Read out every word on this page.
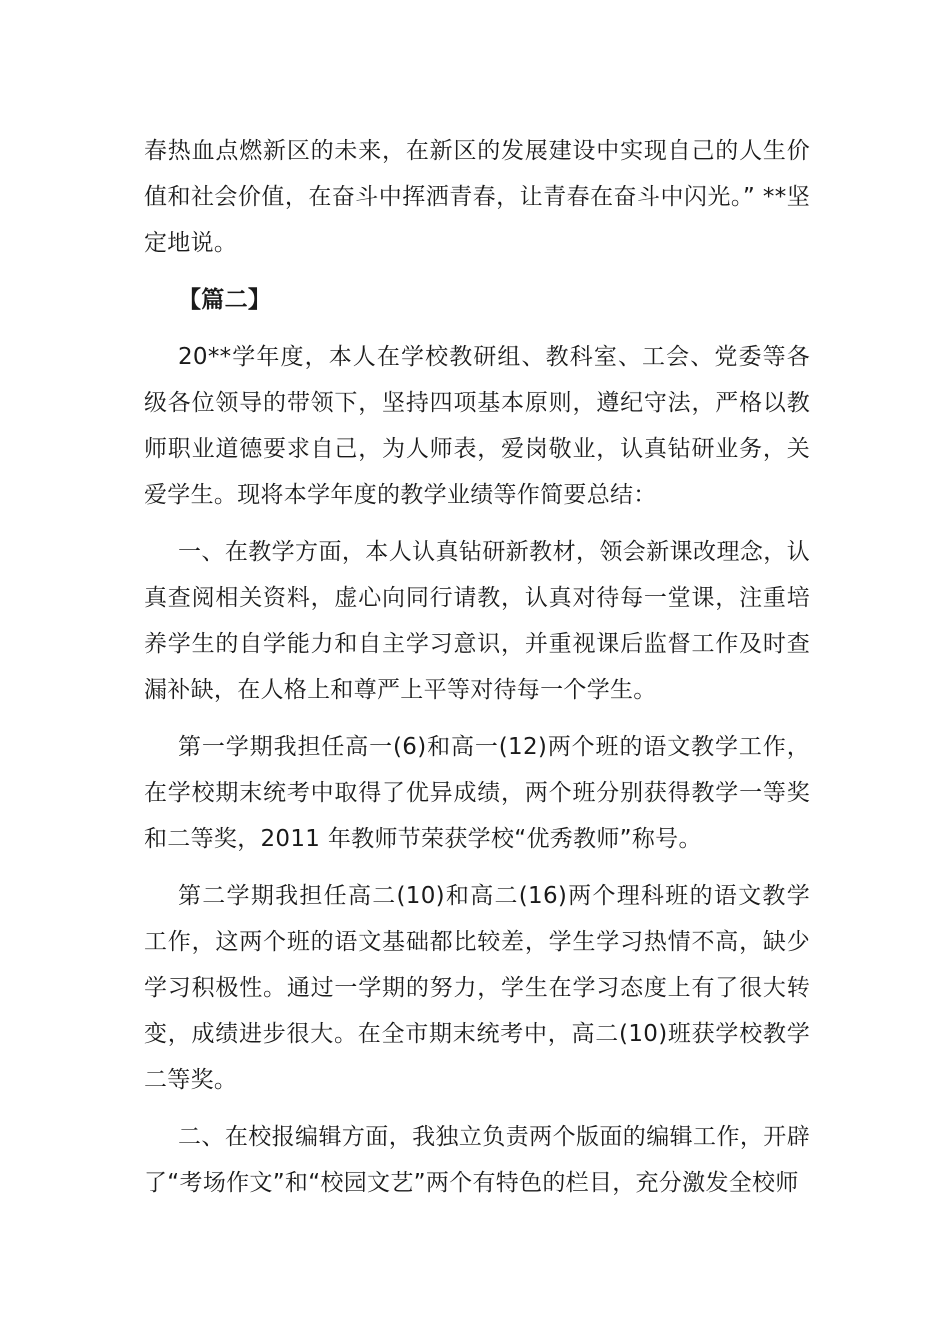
春热血点燃新区的未来，在新区的发展建设中实现自己的人生价值和社会价值，在奋斗中挥洒青春，让青春在奋斗中闪光。” **坚定地说。

【篇二】

20**学年度，本人在学校教研组、教科室、工会、党委等各级各位领导的带领下，坚持四项基本原则，遵纪守法，严格以教师职业道德要求自己，为人师表，爱岗敬业，认真钻研业务，关爱学生。现将本学年度的教学业绩等作简要总结：

一、在教学方面，本人认真钻研新教材，领会新课改理念，认真查阅相关资料，虚心向同行请教，认真对待每一堂课，注重培养学生的自学能力和自主学习意识，并重视课后监督工作及时查漏补缺，在人格上和尊严上平等对待每一个学生。

第一学期我担任高一(6)和高一(12)两个班的语文教学工作，在学校期末统考中取得了优异成绩，两个班分别获得教学一等奖和二等奖，2011 年教师节荣获学校“优秀教师”称号。

第二学期我担任高二(10)和高二(16)两个理科班的语文教学工作，这两个班的语文基础都比较差，学生学习热情不高，缺少学习积极性。通过一学期的努力，学生在学习态度上有了很大转变，成绩进步很大。在全市期末统考中，高二(10)班获学校教学二等奖。

二、在校报编辑方面，我独立负责两个版面的编辑工作，开辟了“考场作文”和“校园文艺”两个有特色的栏目，充分激发全校师
